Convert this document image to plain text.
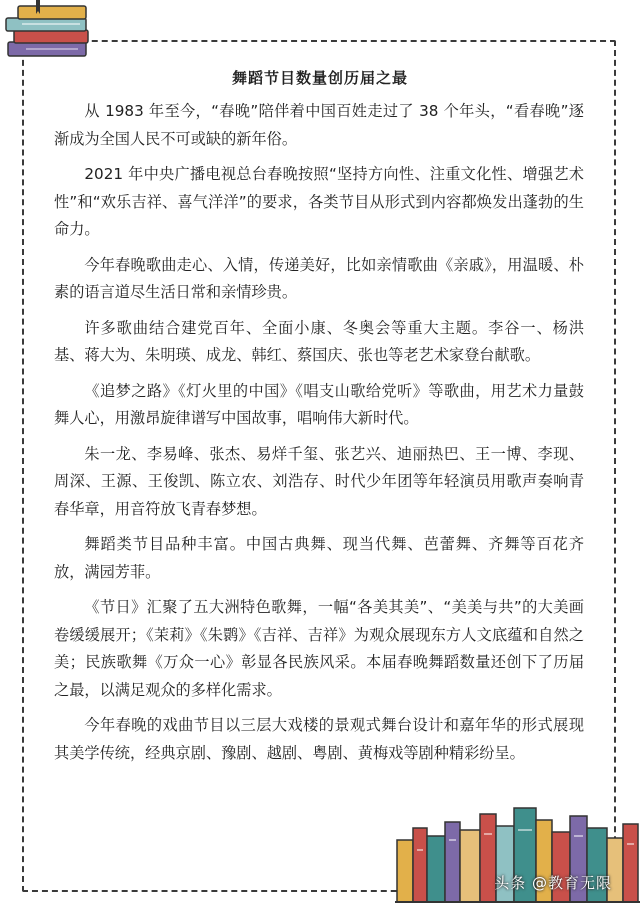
舞蹈节目数量创历届之最

从 1983 年至今，“春晚”陪伴着中国百姓走过了 38 个年头，“看春晚”逐渐成为全国人民不可或缺的新年俗。

2021 年中央广播电视总台春晚按照“坚持方向性、注重文化性、增强艺术性”和“欢乐吉祥、喜气洋洋”的要求，各类节目从形式到内容都焕发出蓬勃的生命力。

今年春晚歌曲走心、入情，传递美好，比如亲情歌曲《亲戚》，用温暖、朴素的语言道尽生活日常和亲情珍贵。

许多歌曲结合建党百年、全面小康、冬奥会等重大主题。李谷一、杨洪基、蒋大为、朱明瑛、成龙、韩红、蔡国庆、张也等老艺术家登台献歌。

《追梦之路》《灯火里的中国》《唱支山歌给党听》等歌曲，用艺术力量鼓舞人心，用激昂旋律谱写中国故事，唱响伟大新时代。

朱一龙、李易峰、张杰、易烊千玺、张艺兴、迪丽热巴、王一博、李现、周深、王源、王俊凯、陈立农、刘浩存、时代少年团等年轻演员用歌声奏响青春华章，用音符放飞青春梦想。

舞蹈类节目品种丰富。中国古典舞、现当代舞、芭蕾舞、齐舞等百花齐放，满园芳菲。

《节日》汇聚了五大洲特色歌舞，一幅“各美其美”、“美美与共”的大美画卷缓缓展开；《茉莉》《朱鹮》《吉祥、吉祥》为观众展现东方人文底蕴和自然之美；民族歌舞《万众一心》彰显各民族风采。本届春晚舞蹈数量还创下了历届之最，以满足观众的多样化需求。

今年春晚的戏曲节目以三层大戏楼的景观式舞台设计和嘉年华的形式展现其美学传统，经典京剧、豫剧、越剧、粤剧、黄梅戏等剧种精彩纷呈。

头条 @教育无限
